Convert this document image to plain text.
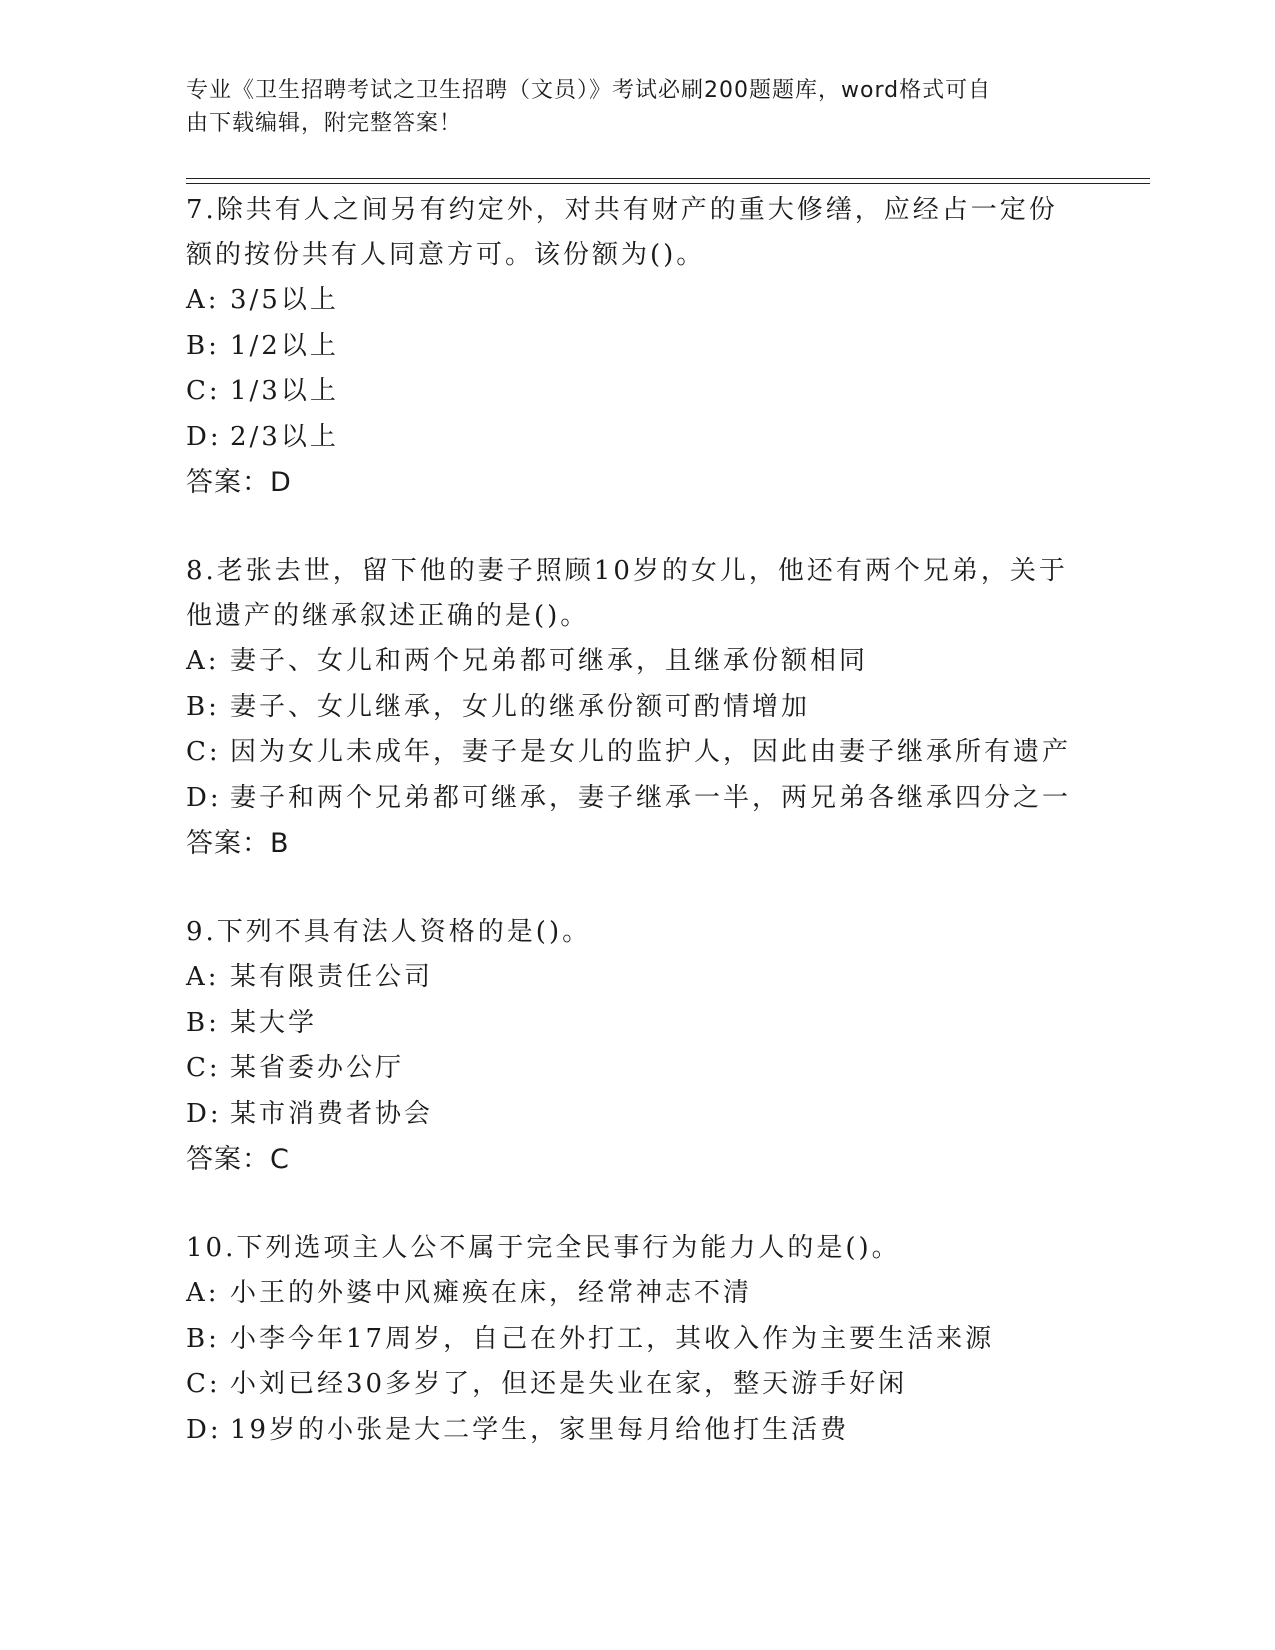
专业《卫生招聘考试之卫生招聘（文员）》考试必刷200题题库，word格式可自
由下载编辑，附完整答案！

7.除共有人之间另有约定外，对共有财产的重大修缮，应经占一定份额的按份共有人同意方可。该份额为()。

A: 3/5以上
B: 1/2以上
C: 1/3以上
D: 2/3以上
答案：D

8.老张去世，留下他的妻子照顾10岁的女儿，他还有两个兄弟，关于他遗产的继承叙述正确的是()。

A: 妻子、女儿和两个兄弟都可继承，且继承份额相同
B: 妻子、女儿继承，女儿的继承份额可酌情增加
C: 因为女儿未成年，妻子是女儿的监护人，因此由妻子继承所有遗产
D: 妻子和两个兄弟都可继承，妻子继承一半，两兄弟各继承四分之一
答案：B

9.下列不具有法人资格的是()。

A: 某有限责任公司
B: 某大学
C: 某省委办公厅
D: 某市消费者协会
答案：C

10.下列选项主人公不属于完全民事行为能力人的是()。

A: 小王的外婆中风瘫痪在床，经常神志不清
B: 小李今年17周岁，自己在外打工，其收入作为主要生活来源
C: 小刘已经30多岁了，但还是失业在家，整天游手好闲
D: 19岁的小张是大二学生，家里每月给他打生活费
